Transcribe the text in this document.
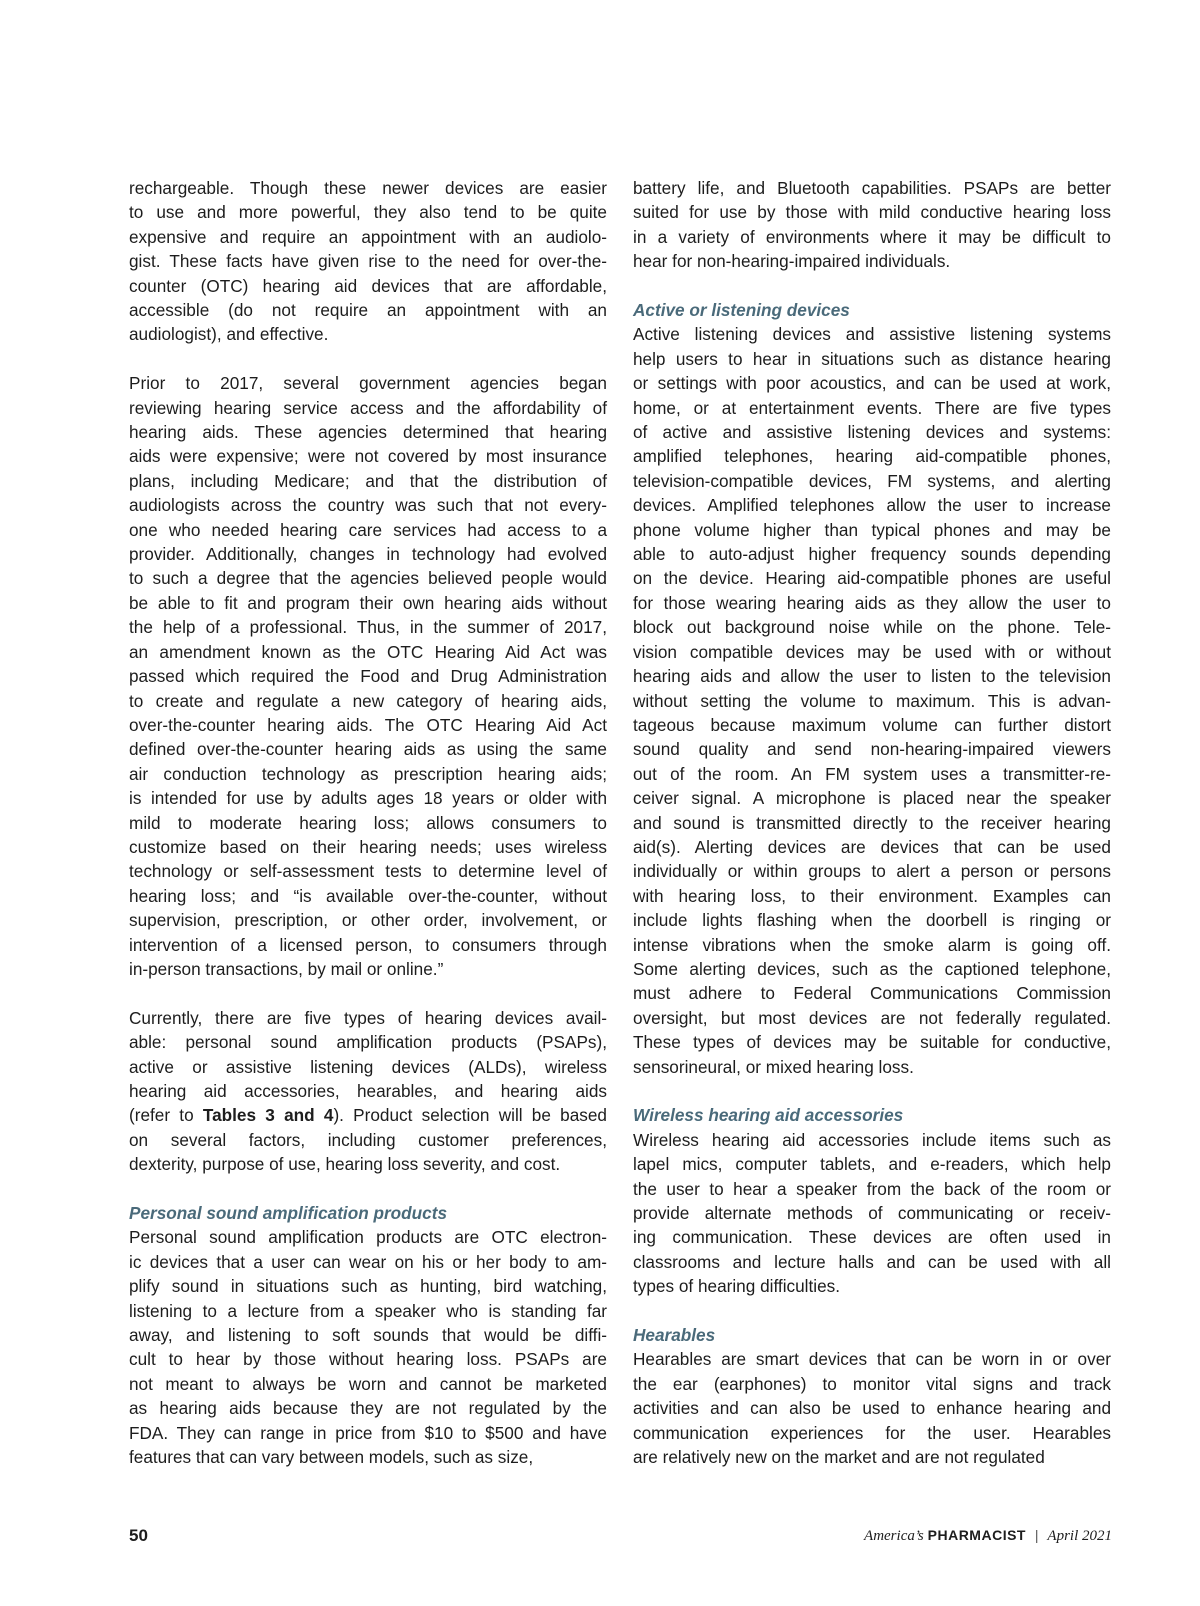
rechargeable. Though these newer devices are easier
to use and more powerful, they also tend to be quite
expensive and require an appointment with an audiolo-
gist. These facts have given rise to the need for over-the-
counter (OTC) hearing aid devices that are affordable,
accessible (do not require an appointment with an
audiologist), and effective.

Prior to 2017, several government agencies began
reviewing hearing service access and the affordability of
hearing aids. These agencies determined that hearing
aids were expensive; were not covered by most insurance
plans, including Medicare; and that the distribution of
audiologists across the country was such that not every-
one who needed hearing care services had access to a
provider. Additionally, changes in technology had evolved
to such a degree that the agencies believed people would
be able to fit and program their own hearing aids without
the help of a professional. Thus, in the summer of 2017,
an amendment known as the OTC Hearing Aid Act was
passed which required the Food and Drug Administration
to create and regulate a new category of hearing aids,
over-the-counter hearing aids. The OTC Hearing Aid Act
defined over-the-counter hearing aids as using the same
air conduction technology as prescription hearing aids;
is intended for use by adults ages 18 years or older with
mild to moderate hearing loss; allows consumers to
customize based on their hearing needs; uses wireless
technology or self-assessment tests to determine level of
hearing loss; and “is available over-the-counter, without
supervision, prescription, or other order, involvement, or
intervention of a licensed person, to consumers through
in-person transactions, by mail or online.”

Currently, there are five types of hearing devices avail-
able: personal sound amplification products (PSAPs),
active or assistive listening devices (ALDs), wireless
hearing aid accessories, hearables, and hearing aids
(refer to Tables 3 and 4). Product selection will be based
on several factors, including customer preferences,
dexterity, purpose of use, hearing loss severity, and cost.

Personal sound amplification products

Personal sound amplification products are OTC electron-
ic devices that a user can wear on his or her body to am-
plify sound in situations such as hunting, bird watching,
listening to a lecture from a speaker who is standing far
away, and listening to soft sounds that would be diffi-
cult to hear by those without hearing loss. PSAPs are
not meant to always be worn and cannot be marketed
as hearing aids because they are not regulated by the
FDA. They can range in price from $10 to $500 and have
features that can vary between models, such as size,

battery life, and Bluetooth capabilities. PSAPs are better
suited for use by those with mild conductive hearing loss
in a variety of environments where it may be difficult to
hear for non-hearing-impaired individuals.

Active or listening devices

Active listening devices and assistive listening systems
help users to hear in situations such as distance hearing
or settings with poor acoustics, and can be used at work,
home, or at entertainment events. There are five types
of active and assistive listening devices and systems:
amplified telephones, hearing aid-compatible phones,
television-compatible devices, FM systems, and alerting
devices. Amplified telephones allow the user to increase
phone volume higher than typical phones and may be
able to auto-adjust higher frequency sounds depending
on the device. Hearing aid-compatible phones are useful
for those wearing hearing aids as they allow the user to
block out background noise while on the phone. Tele-
vision compatible devices may be used with or without
hearing aids and allow the user to listen to the television
without setting the volume to maximum. This is advan-
tageous because maximum volume can further distort
sound quality and send non-hearing-impaired viewers
out of the room. An FM system uses a transmitter-re-
ceiver signal. A microphone is placed near the speaker
and sound is transmitted directly to the receiver hearing
aid(s). Alerting devices are devices that can be used
individually or within groups to alert a person or persons
with hearing loss, to their environment. Examples can
include lights flashing when the doorbell is ringing or
intense vibrations when the smoke alarm is going off.
Some alerting devices, such as the captioned telephone,
must adhere to Federal Communications Commission
oversight, but most devices are not federally regulated.
These types of devices may be suitable for conductive,
sensorineural, or mixed hearing loss.

Wireless hearing aid accessories

Wireless hearing aid accessories include items such as
lapel mics, computer tablets, and e-readers, which help
the user to hear a speaker from the back of the room or
provide alternate methods of communicating or receiv-
ing communication. These devices are often used in
classrooms and lecture halls and can be used with all
types of hearing difficulties.

Hearables

Hearables are smart devices that can be worn in or over
the ear (earphones) to monitor vital signs and track
activities and can also be used to enhance hearing and
communication experiences for the user. Hearables
are relatively new on the market and are not regulated

50	America’s PHARMACIST | April 2021
